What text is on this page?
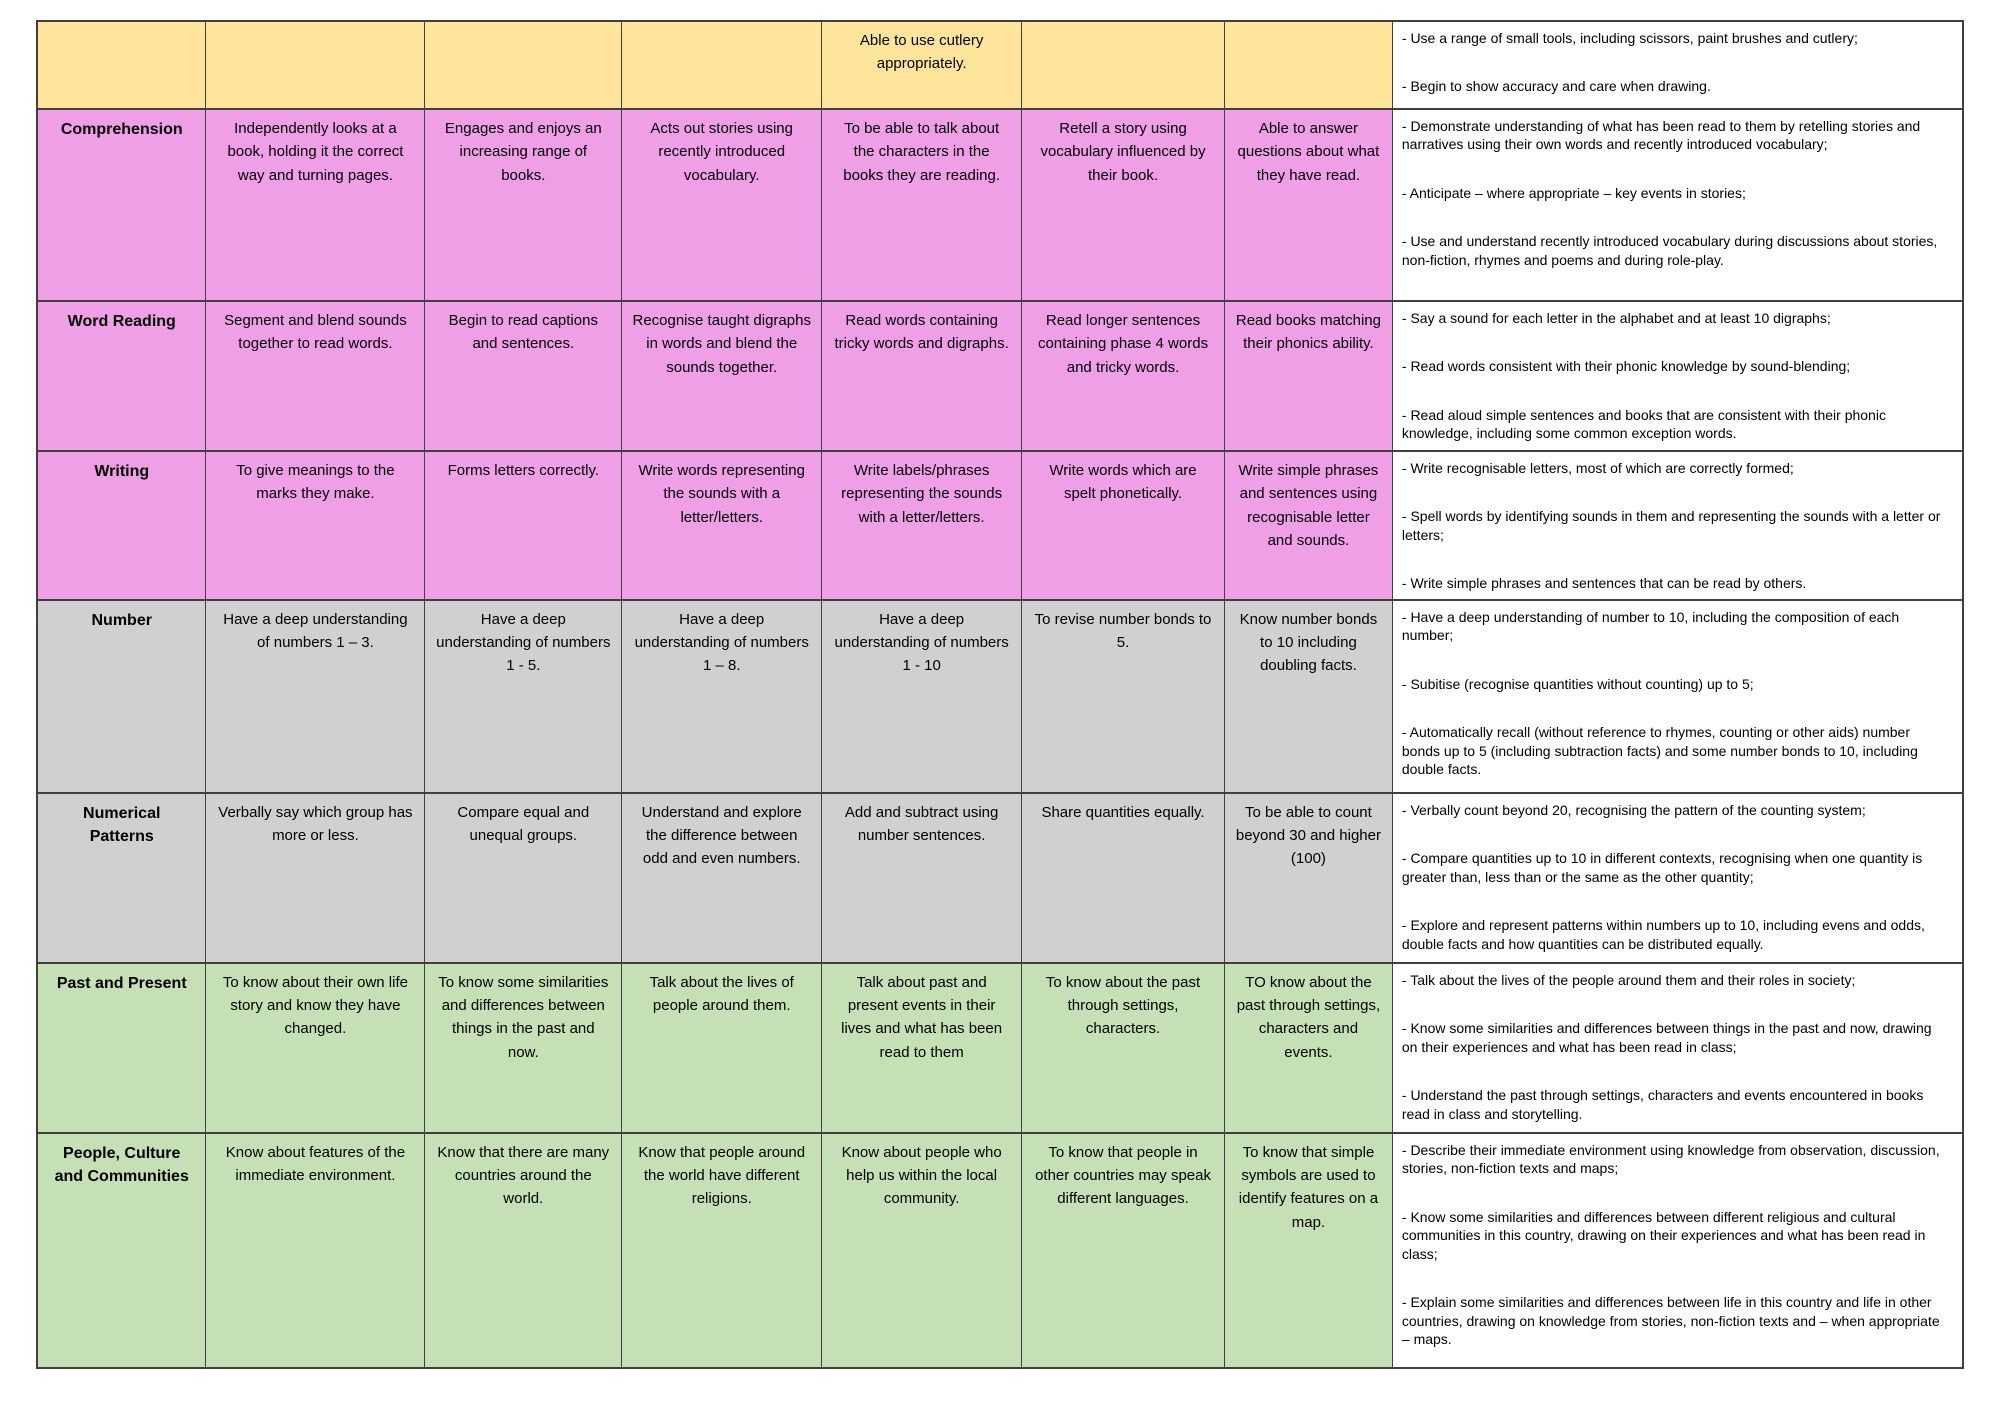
				Able to use cutlery appropriately.			- Use a range of small tools, including scissors, paint brushes and cutlery;
- Begin to show accuracy and care when drawing.

Comprehension	Independently looks at a book, holding it the correct way and turning pages.	Engages and enjoys an increasing range of books.	Acts out stories using recently introduced vocabulary.	To be able to talk about the characters in the books they are reading.	Retell a story using vocabulary influenced by their book.	Able to answer questions about what they have read.	- Demonstrate understanding of what has been read to them by retelling stories and narratives using their own words and recently introduced vocabulary;
- Anticipate – where appropriate – key events in stories;
- Use and understand recently introduced vocabulary during discussions about stories, non-fiction, rhymes and poems and during role-play.

Word Reading	Segment and blend sounds together to read words.	Begin to read captions and sentences.	Recognise taught digraphs in words and blend the sounds together.	Read words containing tricky words and digraphs.	Read longer sentences containing phase 4 words and tricky words.	Read books matching their phonics ability.	- Say a sound for each letter in the alphabet and at least 10 digraphs;
- Read words consistent with their phonic knowledge by sound-blending;
- Read aloud simple sentences and books that are consistent with their phonic knowledge, including some common exception words.

Writing	To give meanings to the marks they make.	Forms letters correctly.	Write words representing the sounds with a letter/letters.	Write labels/phrases representing the sounds with a letter/letters.	Write words which are spelt phonetically.	Write simple phrases and sentences using recognisable letter and sounds.	- Write recognisable letters, most of which are correctly formed;
- Spell words by identifying sounds in them and representing the sounds with a letter or letters;
- Write simple phrases and sentences that can be read by others.

Number	Have a deep understanding of numbers 1 – 3.	Have a deep understanding of numbers 1 - 5.	Have a deep understanding of numbers 1 – 8.	Have a deep understanding of numbers 1 - 10	To revise number bonds to 5.	Know number bonds to 10 including doubling facts.	- Have a deep understanding of number to 10, including the composition of each number;
- Subitise (recognise quantities without counting) up to 5;
- Automatically recall (without reference to rhymes, counting or other aids) number bonds up to 5 (including subtraction facts) and some number bonds to 10, including double facts.

Numerical Patterns	Verbally say which group has more or less.	Compare equal and unequal groups.	Understand and explore the difference between odd and even numbers.	Add and subtract using number sentences.	Share quantities equally.	To be able to count beyond 30 and higher (100)	- Verbally count beyond 20, recognising the pattern of the counting system;
- Compare quantities up to 10 in different contexts, recognising when one quantity is greater than, less than or the same as the other quantity;
- Explore and represent patterns within numbers up to 10, including evens and odds, double facts and how quantities can be distributed equally.

Past and Present	To know about their own life story and know they have changed.	To know some similarities and differences between things in the past and now.	Talk about the lives of people around them.	Talk about past and present events in their lives and what has been read to them	To know about the past through settings, characters.	TO know about the past through settings, characters and events.	- Talk about the lives of the people around them and their roles in society;
- Know some similarities and differences between things in the past and now, drawing on their experiences and what has been read in class;
- Understand the past through settings, characters and events encountered in books read in class and storytelling.

People, Culture and Communities	Know about features of the immediate environment.	Know that there are many countries around the world.	Know that people around the world have different religions.	Know about people who help us within the local community.	To know that people in other countries may speak different languages.	To know that simple symbols are used to identify features on a map.	- Describe their immediate environment using knowledge from observation, discussion, stories, non-fiction texts and maps;
- Know some similarities and differences between different religious and cultural communities in this country, drawing on their experiences and what has been read in class;
- Explain some similarities and differences between life in this country and life in other countries, drawing on knowledge from stories, non-fiction texts and – when appropriate – maps.
